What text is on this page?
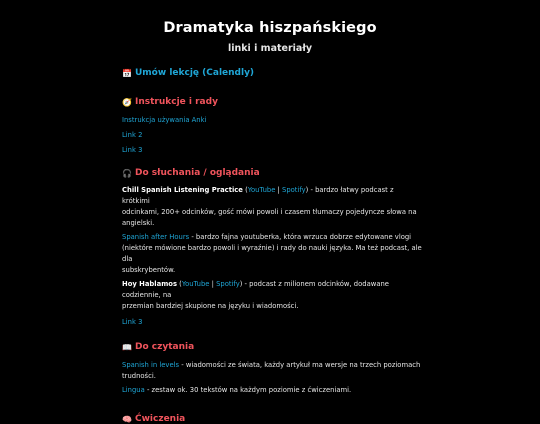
Dramatyka hiszpańskiego
linki i materiały
📅 Umów lekcję (Calendly)
🧭 Instrukcje i rady
Instrukcja używania Anki
Link 2
Link 3
🎧 Do słuchania / oglądania
Chill Spanish Listening Practice (YouTube | Spotify) - bardzo łatwy podcast z krótkimi
odcinkami, 200+ odcinków, gość mówi powoli i czasem tłumaczy pojedyncze słowa na
angielski.
Spanish after Hours - bardzo fajna youtuberka, która wrzuca dobrze edytowane vlogi
(niektóre mówione bardzo powoli i wyraźnie) i rady do nauki języka. Ma też podcast, ale dla
subskrybentów.
Hoy Hablamos (YouTube | Spotify) - podcast z milionem odcinków, dodawane codziennie, na
przemian bardziej skupione na języku i wiadomości.
Link 3
📖 Do czytania
Spanish in levels - wiadomości ze świata, każdy artykuł ma wersje na trzech poziomach
trudności.
Lingua - zestaw ok. 30 tekstów na każdym poziomie z ćwiczeniami.
🧠 Ćwiczenia
